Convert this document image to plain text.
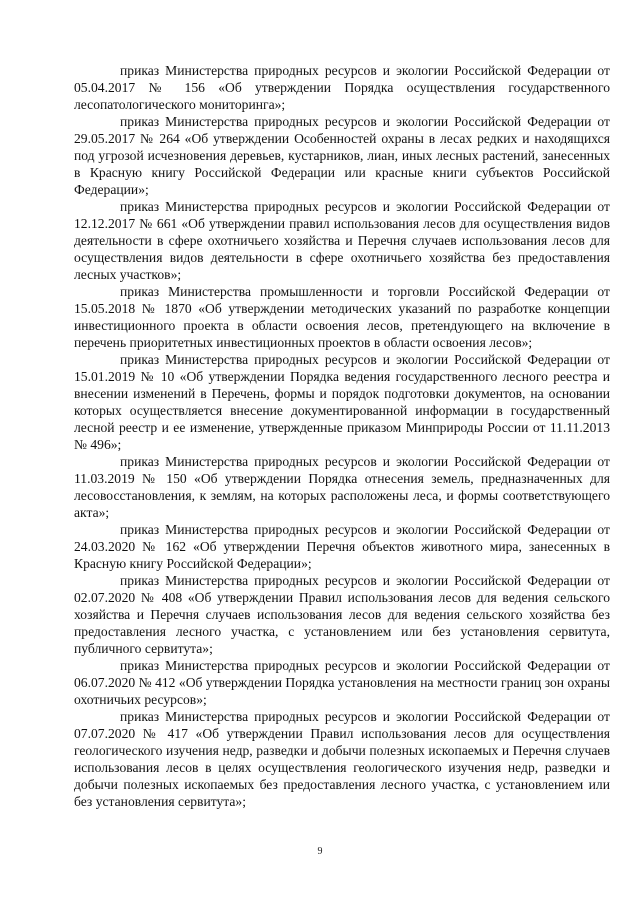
приказ Министерства природных ресурсов и экологии Российской Федерации от 05.04.2017 № 156 «Об утверждении Порядка осуществления государственного лесопатологического мониторинга»;

приказ Министерства природных ресурсов и экологии Российской Федерации от 29.05.2017 № 264 «Об утверждении Особенностей охраны в лесах редких и находящихся под угрозой исчезновения деревьев, кустарников, лиан, иных лесных растений, занесенных в Красную книгу Российской Федерации или красные книги субъектов Российской Федерации»;

приказ Министерства природных ресурсов и экологии Российской Федерации от 12.12.2017 № 661 «Об утверждении правил использования лесов для осуществления видов деятельности в сфере охотничьего хозяйства и Перечня случаев использования лесов для осуществления видов деятельности в сфере охотничьего хозяйства без предоставления лесных участков»;

приказ Министерства промышленности и торговли Российской Федерации от 15.05.2018 № 1870 «Об утверждении методических указаний по разработке концепции инвестиционного проекта в области освоения лесов, претендующего на включение в перечень приоритетных инвестиционных проектов в области освоения лесов»;

приказ Министерства природных ресурсов и экологии Российской Федерации от 15.01.2019 № 10 «Об утверждении Порядка ведения государственного лесного реестра и внесении изменений в Перечень, формы и порядок подготовки документов, на основании которых осуществляется внесение документированной информации в государственный лесной реестр и ее изменение, утвержденные приказом Минприроды России от 11.11.2013 № 496»;

приказ Министерства природных ресурсов и экологии Российской Федерации от 11.03.2019 № 150 «Об утверждении Порядка отнесения земель, предназначенных для лесовосстановления, к землям, на которых расположены леса, и формы соответствующего акта»;

приказ Министерства природных ресурсов и экологии Российской Федерации от 24.03.2020 № 162 «Об утверждении Перечня объектов животного мира, занесенных в Красную книгу Российской Федерации»;

приказ Министерства природных ресурсов и экологии Российской Федерации от 02.07.2020 № 408 «Об утверждении Правил использования лесов для ведения сельского хозяйства и Перечня случаев использования лесов для ведения сельского хозяйства без предоставления лесного участка, с установлением или без установления сервитута, публичного сервитута»;

приказ Министерства природных ресурсов и экологии Российской Федерации от 06.07.2020 № 412 «Об утверждении Порядка установления на местности границ зон охраны охотничьих ресурсов»;

приказ Министерства природных ресурсов и экологии Российской Федерации от 07.07.2020 № 417 «Об утверждении Правил использования лесов для осуществления геологического изучения недр, разведки и добычи полезных ископаемых и Перечня случаев использования лесов в целях осуществления геологического изучения недр, разведки и добычи полезных ископаемых без предоставления лесного участка, с установлением или без установления сервитута»;

9
